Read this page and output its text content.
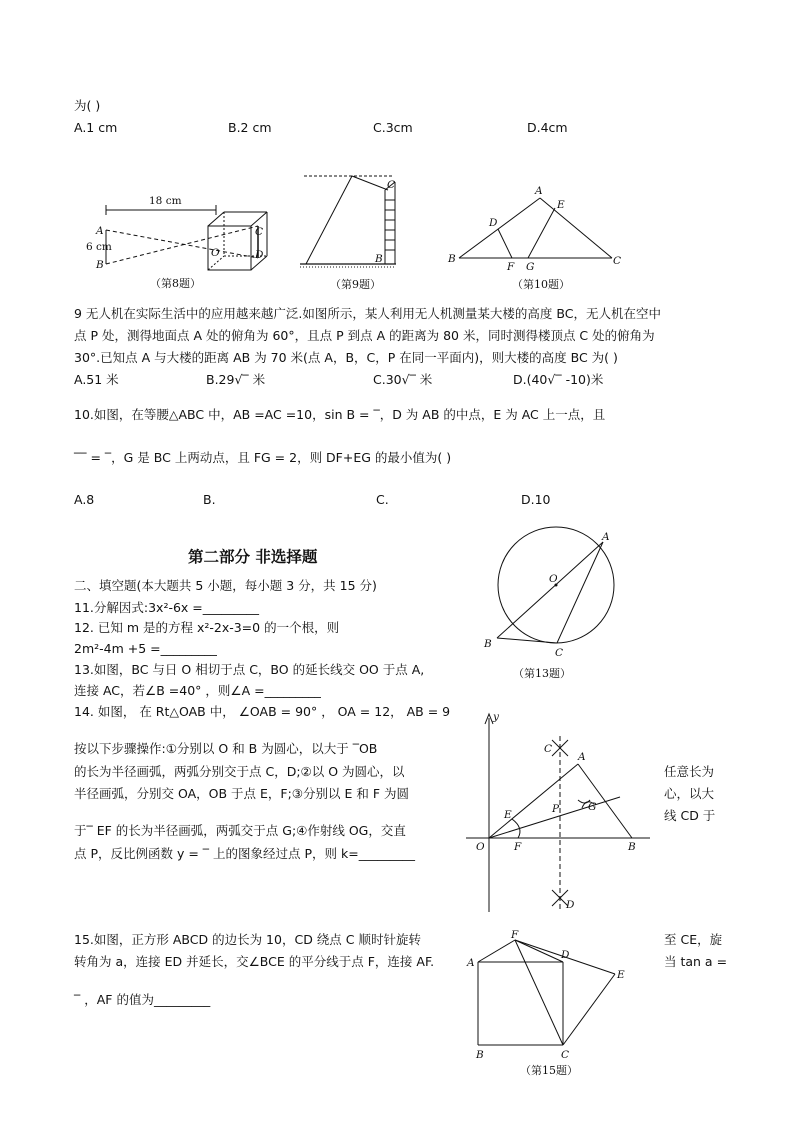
为( )
A.1 cm	B.2 cm	C.3cm	D.4cm
A
B
O
C
D
18 cm
6 cm
（第8题）
C
B
（第9题）
A
B	C
D
E
F G
（第10题）
9 无人机在实际生活中的应用越来越广泛.如图所示，某人利用无人机测量某大楼的高度 BC，无人机在空中
点 P 处，测得地面点 A 处的俯角为 60°，且点 P 到点 A 的距离为 80 米，同时测得楼顶点 C 处的俯角为
30°.已知点 A 与大楼的距离 AB 为 70 米(点 A，B，C，P 在同一平面内)，则大楼的高度 BC 为( )
A.51 米	B.29√‾ 米	C.30√‾ 米	D.(40√‾ -10)米
10.如图，在等腰△ABC 中，AB =AC =10，sin B = ‾，D 为 AB 的中点，E 为 AC 上一点，且
‾‾ = ‾，G 是 BC 上两动点，且 FG = 2，则 DF+EG 的最小值为( )
A.8	B.	C.	D.10
第二部分 非选择题
二、填空题(本大题共 5 小题，每小题 3 分，共 15 分)
11.分解因式:3x²-6x =_________
12. 已知 m 是的方程 x²-2x-3=0 的一个根，则
2m²-4m +5 =_________
13.如图，BC 与日 O 相切于点 C，BO 的延长线交 OO 于点 A,
连接 AC，若∠B =40° ，则∠A =_________
A
O
B
C
（第13题）
14. 如图， 在 Rt△OAB 中， ∠OAB = 90° ， OA = 12， AB = 9
按以下步骤操作:①分别以 O 和 B 为圆心，以大于 ‾OB
的长为半径画弧，两弧分别交于点 C，D;②以 O 为圆心，以
半径画弧，分别交 OA，OB 于点 E，F;③分别以 E 和 F 为圆
于‾ EF 的长为半径画弧，两弧交于点 G;④作射线 OG，交直
点 P，反比例函数 y = ‾ 上的图象经过点 P，则 k=_________
任意长为
心，以大
线 CD 于
y
C
A
E	P	G
O	F	B
D
15.如图，正方形 ABCD 的边长为 10，CD 绕点 C 顺时针旋转
转角为 a，连接 ED 并延长，交∠BCE 的平分线于点 F，连接 AF.
‾ ，AF 的值为_________
至 CE，旋
当 tan a =
F
D
A
E
B	C
（第15题）
